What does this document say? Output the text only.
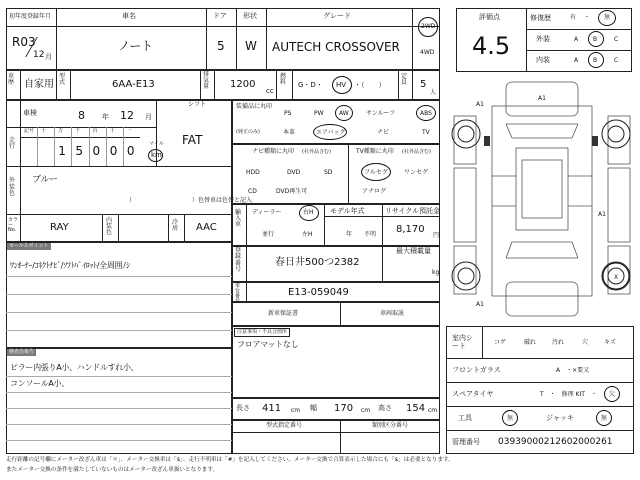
初年度登録年月	車名	ドア 形状	グレード
R03
12 月
ノート	5 W AUTECH CROSSOVER
2WD
4WD
車歴 自家用
型式	6AA-E13
排気量 1200
cc
燃料 G・D・ HV ・（　　）
定員 5
人
車検	8 年 12 月
シフト
FAT
走行
記号 十 万 千 百 十 一
1 5 0 0 0	マイル
km
外装色
ブルー
（　　　　　　　　　　）色替車は色替と記入
カラーNo.	RAY
内装色
冷房 AAC
セールスポイント
ﾜﾝｵｰﾅｰ/ｺﾈｸﾄﾅﾋﾞ/ｿﾌﾄﾊﾟｲﾛｯﾄ/全周囲ﾉｼ
検査員報告
ピラー内張りA小、ハンドルすれ小、
コンソールA小、
装備品に丸印
(純正のみ)
PS	PW	AW	サンルーフ	ABS
本革	エアバッグ	ナビ	TV
ナビ種類に丸印 (社外品含む)
HDD	DVD	SD
CD	DVD再生可
TV種類に丸印 (社外品含む)
フルセグ	ワンセグ
アナログ
輸入車
ディーラー	右H
並行	左H
モデル年式
年 不明
リサイクル預託金
8,170
円
登録番号
春日井500つ2382
最大積載量
kg
車台番号
E13-059049
新車保証書	車両取説
注意事項・不具合箇所
フロアマットなし
長さ 411 cm 幅 170 cm 高さ 154 cm
型式指定番号	類別区分番号
評価点
4.5
修復歴	有 ・ 無
外装	A B	C
内装	A B	C
A1
A1
A1
X
A1
室内シート	コゲ	破れ	汚れ	穴	キズ
フロントガラス	A　・×要又
スペアタイヤ	T　・　修理 KIT　・ 欠
工具	無	ジャッキ	無
管理番号 03939000212602000261
走行距離の記号欄にメーター改ざん車は「＊」、メーター交換車は「$」、走行不明車は「#」を記入してください。メーター交換で合算表示した場合にも「$」は必要となります。
またメーター交換の条件を満たしていないものはメーター改ざん車扱いとなります。
